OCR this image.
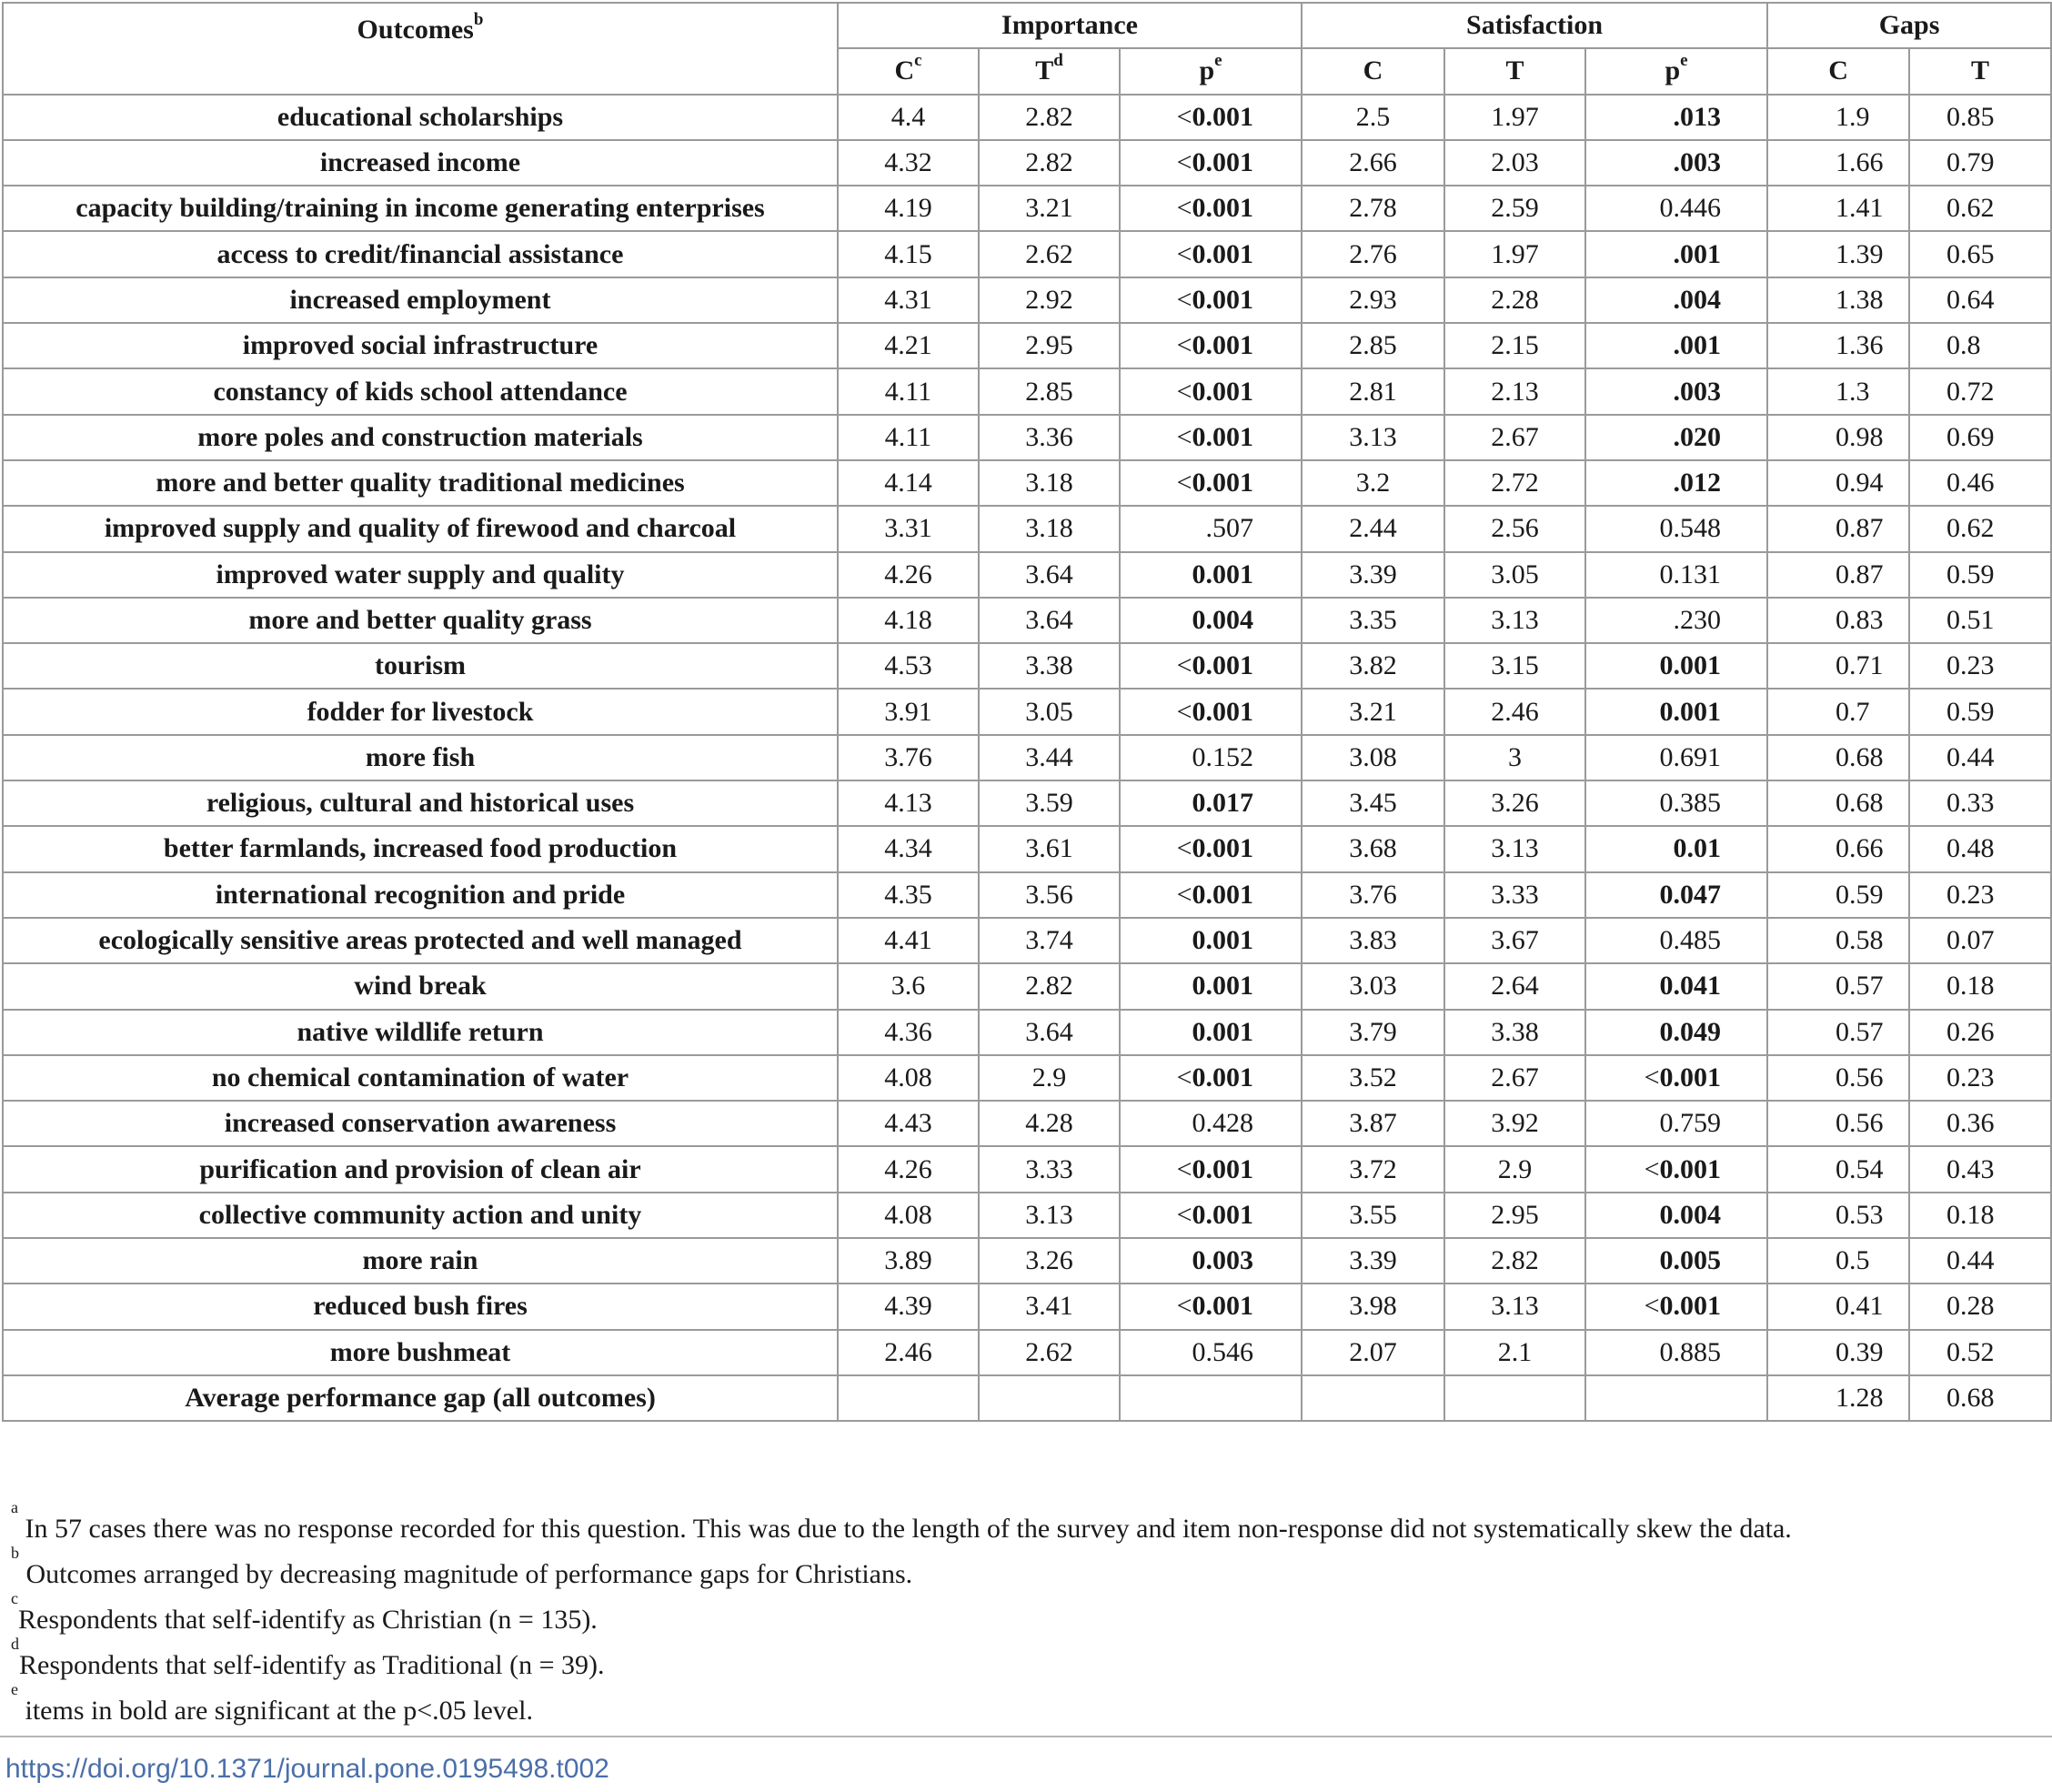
Outcomes$^b$	Importance			Satisfaction			Gaps	
	$C^c$	$T^d$	$p^e$	C	T	$p^e$	C	T
educational scholarships	4.4	2.82	<0.001	2.5	1.97	.013	1.9	0.85
increased income	4.32	2.82	<0.001	2.66	2.03	.003	1.66	0.79
capacity building/training in income generating enterprises	4.19	3.21	<0.001	2.78	2.59	0.446	1.41	0.62
access to credit/financial assistance	4.15	2.62	<0.001	2.76	1.97	.001	1.39	0.65
increased employment	4.31	2.92	<0.001	2.93	2.28	.004	1.38	0.64
improved social infrastructure	4.21	2.95	<0.001	2.85	2.15	.001	1.36	0.8
constancy of kids school attendance	4.11	2.85	<0.001	2.81	2.13	.003	1.3	0.72
more poles and construction materials	4.11	3.36	<0.001	3.13	2.67	.020	0.98	0.69
more and better quality traditional medicines	4.14	3.18	<0.001	3.2	2.72	.012	0.94	0.46
improved supply and quality of firewood and charcoal	3.31	3.18	.507	2.44	2.56	0.548	0.87	0.62
improved water supply and quality	4.26	3.64	0.001	3.39	3.05	0.131	0.87	0.59
more and better quality grass	4.18	3.64	0.004	3.35	3.13	.230	0.83	0.51
tourism	4.53	3.38	<0.001	3.82	3.15	0.001	0.71	0.23
fodder for livestock	3.91	3.05	<0.001	3.21	2.46	0.001	0.7	0.59
more fish	3.76	3.44	0.152	3.08	3	0.691	0.68	0.44
religious, cultural and historical uses	4.13	3.59	0.017	3.45	3.26	0.385	0.68	0.33
better farmlands, increased food production	4.34	3.61	<0.001	3.68	3.13	0.01	0.66	0.48
international recognition and pride	4.35	3.56	<0.001	3.76	3.33	0.047	0.59	0.23
ecologically sensitive areas protected and well managed	4.41	3.74	0.001	3.83	3.67	0.485	0.58	0.07
wind break	3.6	2.82	0.001	3.03	2.64	0.041	0.57	0.18
native wildlife return	4.36	3.64	0.001	3.79	3.38	0.049	0.57	0.26
no chemical contamination of water	4.08	2.9	<0.001	3.52	2.67	<0.001	0.56	0.23
increased conservation awareness	4.43	4.28	0.428	3.87	3.92	0.759	0.56	0.36
purification and provision of clean air	4.26	3.33	<0.001	3.72	2.9	<0.001	0.54	0.43
collective community action and unity	4.08	3.13	<0.001	3.55	2.95	0.004	0.53	0.18
more rain	3.89	3.26	0.003	3.39	2.82	0.005	0.5	0.44
reduced bush fires	4.39	3.41	<0.001	3.98	3.13	<0.001	0.41	0.28
more bushmeat	2.46	2.62	0.546	2.07	2.1	0.885	0.39	0.52
Average performance gap (all outcomes)							1.28	0.68
$^a$ In 57 cases there was no response recorded for this question. This was due to the length of the survey and item non-response did not systematically skew the data.
$^b$ Outcomes arranged by decreasing magnitude of performance gaps for Christians.
$^c$Respondents that self-identify as Christian (n = 135).
$^d$Respondents that self-identify as Traditional (n = 39).
$^e$ items in bold are significant at the p<.05 level.
https://doi.org/10.1371/journal.pone.0195498.t002
